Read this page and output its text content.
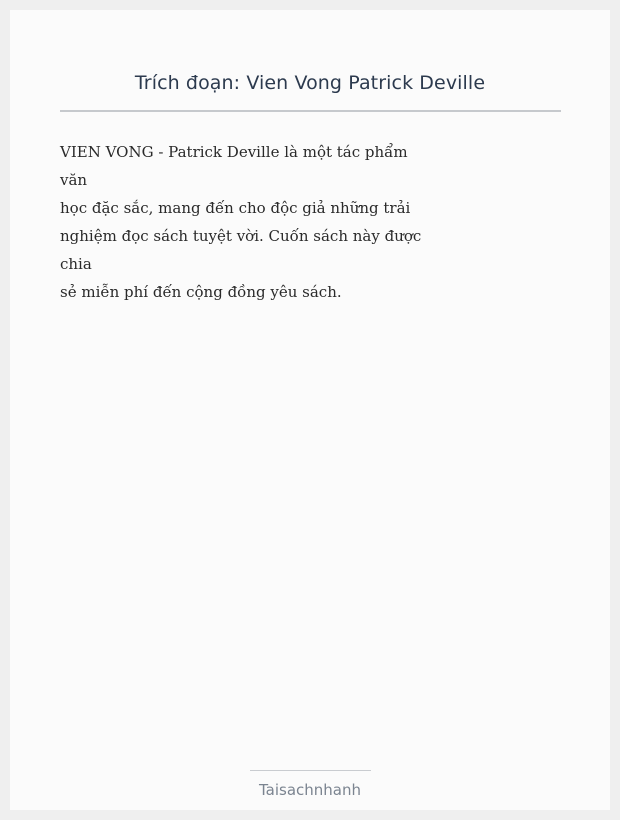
Trích đoạn: Vien Vong Patrick Deville
VIEN VONG - Patrick Deville là một tác phẩm
văn
học đặc sắc, mang đến cho độc giả những trải
nghiệm đọc sách tuyệt vời. Cuốn sách này được
chia
sẻ miễn phí đến cộng đồng yêu sách.
Taisachnhanh
